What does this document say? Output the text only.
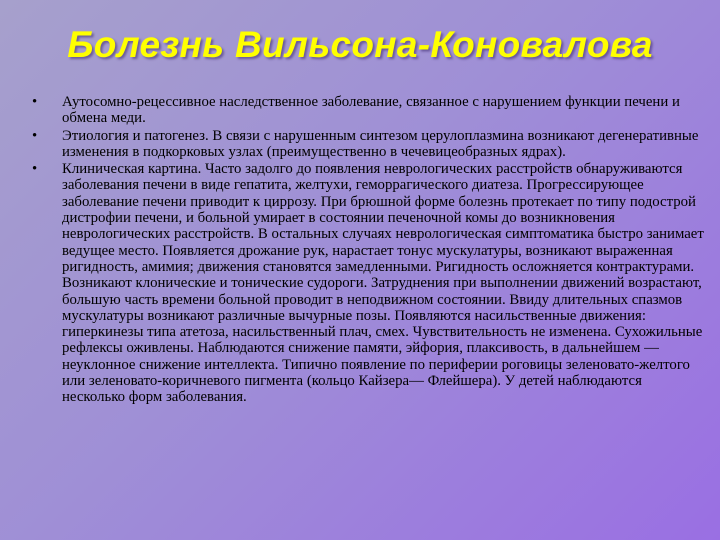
Болезнь Вильсона-Коновалова
•	Аутосомно-рецессивное наследственное заболевание, связанное с нарушением функции печени и обмена меди.
•	Этиология и патогенез. В связи с нарушенным синтезом церулоплазмина возникают дегенеративные изменения в подкорковых узлах (преимущественно в чечевицеобразных ядрах).
•	Клиническая картина. Часто задолго до появления неврологических расстройств обнаруживаются заболевания печени в виде гепатита, желтухи, геморрагического диатеза. Прогрессирующее заболевание печени приводит к циррозу. При брюшной форме болезнь протекает по типу подострой дистрофии печени, и больной умирает в состоянии печеночной комы до возникновения неврологических расстройств. В остальных случаях неврологическая симптоматика быстро занимает ведущее место. Появляется дрожание рук, нарастает тонус мускулатуры, возникают выраженная ригидность, амимия; движения становятся замедленными. Ригидность осложняется контрактурами. Возникают клонические и тонические судороги. Затруднения при выполнении движений возрастают, большую часть времени больной проводит в неподвижном состоянии. Ввиду длительных спазмов мускулатуры возникают различные вычурные позы. Появляются насильственные движения: гиперкинезы типа атетоза, насильственный плач, смех. Чувствительность не изменена. Сухожильные рефлексы оживлены. Наблюдаются снижение памяти, эйфория, плаксивость, в дальнейшем — неуклонное снижение интеллекта. Типично появление по периферии роговицы зеленовато-желтого или зеленовато-коричневого пигмента (кольцо Кайзера— Флейшера). У детей наблюдаются несколько форм заболевания.
